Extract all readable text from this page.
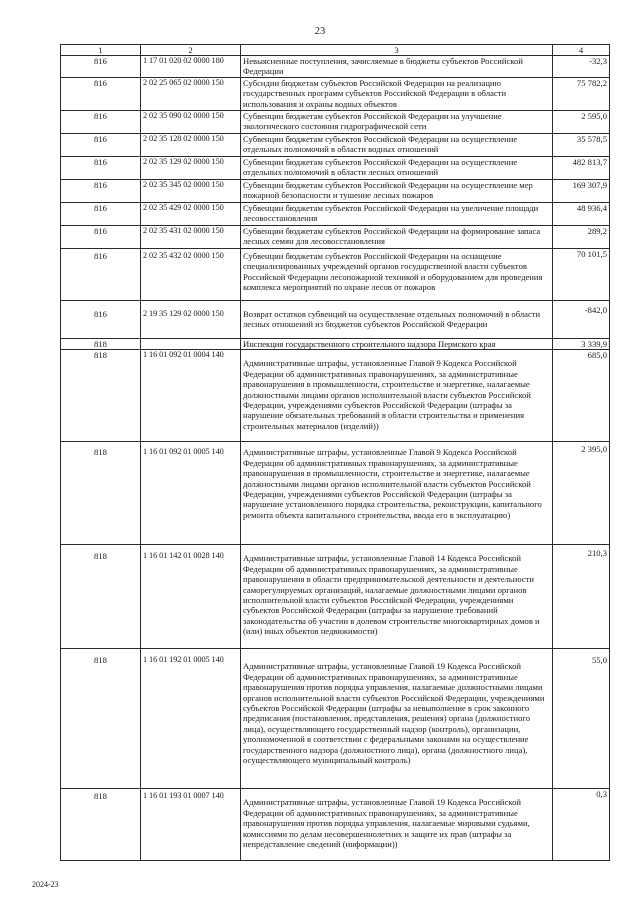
23
1	2	3	4
816	1 17 01 020 02 0000 180	Невыясненные поступления, зачисляемые в бюджеты субъектов Российской Федерации	-32,3
816	2 02 25 065 02 0000 150	Субсидии бюджетам субъектов Российской Федерации на реализацию государственных программ субъектов Российской Федерации в области использования и охраны водных объектов	75 782,2
816	2 02 35 090 02 0000 150	Субвенции бюджетам субъектов Российской Федерации на улучшение экологического состояния гидрографической сети	2 595,0
816	2 02 35 128 02 0000 150	Субвенции бюджетам субъектов Российской Федерации на осуществление отдельных полномочий в области водных отношений	35 578,5
816	2 02 35 129 02 0000 150	Субвенции бюджетам субъектов Российской Федерации на осуществление отдельных полномочий в области лесных отношений	482 813,7
816	2 02 35 345 02 0000 150	Субвенции бюджетам субъектов Российской Федерации на осуществление мер пожарной безопасности и тушение лесных пожаров	169 307,9
816	2 02 35 429 02 0000 150	Субвенции бюджетам субъектов Российской Федерации на увеличение площади лесовосстановления	48 936,4
816	2 02 35 431 02 0000 150	Субвенции бюджетам субъектов Российской Федерации на формирование запаса лесных семян для лесовосстановления	289,2
816	2 02 35 432 02 0000 150	Субвенции бюджетам субъектов Российской Федерации на оснащение специализированных учреждений органов государственной власти субъектов Российской Федерации лесопожарной техникой и оборудованием для проведения комплекса мероприятий по охране лесов от пожаров	70 101,5
816	2 19 35 129 02 0000 150	Возврат остатков субвенций на осуществление отдельных полномочий в области лесных отношений из бюджетов субъектов Российской Федерации	-842,0
818		Инспекция государственного строительного надзора Пермского края	3 339,9
818	1 16 01 092 01 0004 140	Административные штрафы, установленные Главой 9 Кодекса Российской Федерации об административных правонарушениях, за административные правонарушения в промышленности, строительстве и энергетике, налагаемые должностными лицами органов исполнительной власти субъектов Российской Федерации, учреждениями субъектов Российской Федерации (штрафы за нарушение обязательных требований в области строительства и применения строительных материалов (изделий))	685,0
818	1 16 01 092 01 0005 140	Административные штрафы, установленные Главой 9 Кодекса Российской Федерации об административных правонарушениях, за административные правонарушения в промышленности, строительстве и энергетике, налагаемые должностными лицами органов исполнительной власти субъектов Российской Федерации, учреждениями субъектов Российской Федерации (штрафы за нарушение установленного порядка строительства, реконструкции, капитального ремонта объекта капитального строительства, ввода его в эксплуатацию)	2 395,0
818	1 16 01 142 01 0028 140	Административные штрафы, установленные Главой 14 Кодекса Российской Федерации об административных правонарушениях, за административные правонарушения в области предпринимательской деятельности и деятельности саморегулируемых организаций, налагаемые должностными лицами органов исполнительной власти субъектов Российской Федерации, учреждениями субъектов Российской Федерации (штрафы за нарушение требований законодательства об участии в долевом строительстве многоквартирных домов и (или) иных объектов недвижимости)	210,3
818	1 16 01 192 01 0005 140	Административные штрафы, установленные Главой 19 Кодекса Российской Федерации об административных правонарушениях, за административные правонарушения против порядка управления, налагаемые должностными лицами органов исполнительной власти субъектов Российской Федерации, учреждениями субъектов Российской Федерации (штрафы за невыполнение в срок законного предписания (постановления, представления, решения) органа (должностного лица), осуществляющего государственный надзор (контроль), организации, уполномоченной в соответствии с федеральными законами на осуществление государственного надзора (должностного лица), органа (должностного лица), осуществляющего муниципальный контроль)	55,0
818	1 16 01 193 01 0007 140	Административные штрафы, установленные Главой 19 Кодекса Российской Федерации об административных правонарушениях, за административные правонарушения против порядка управления, налагаемые мировыми судьями, комиссиями по делам несовершеннолетних и защите их прав (штрафы за непредставление сведений (информации))	0,3
2024-23
